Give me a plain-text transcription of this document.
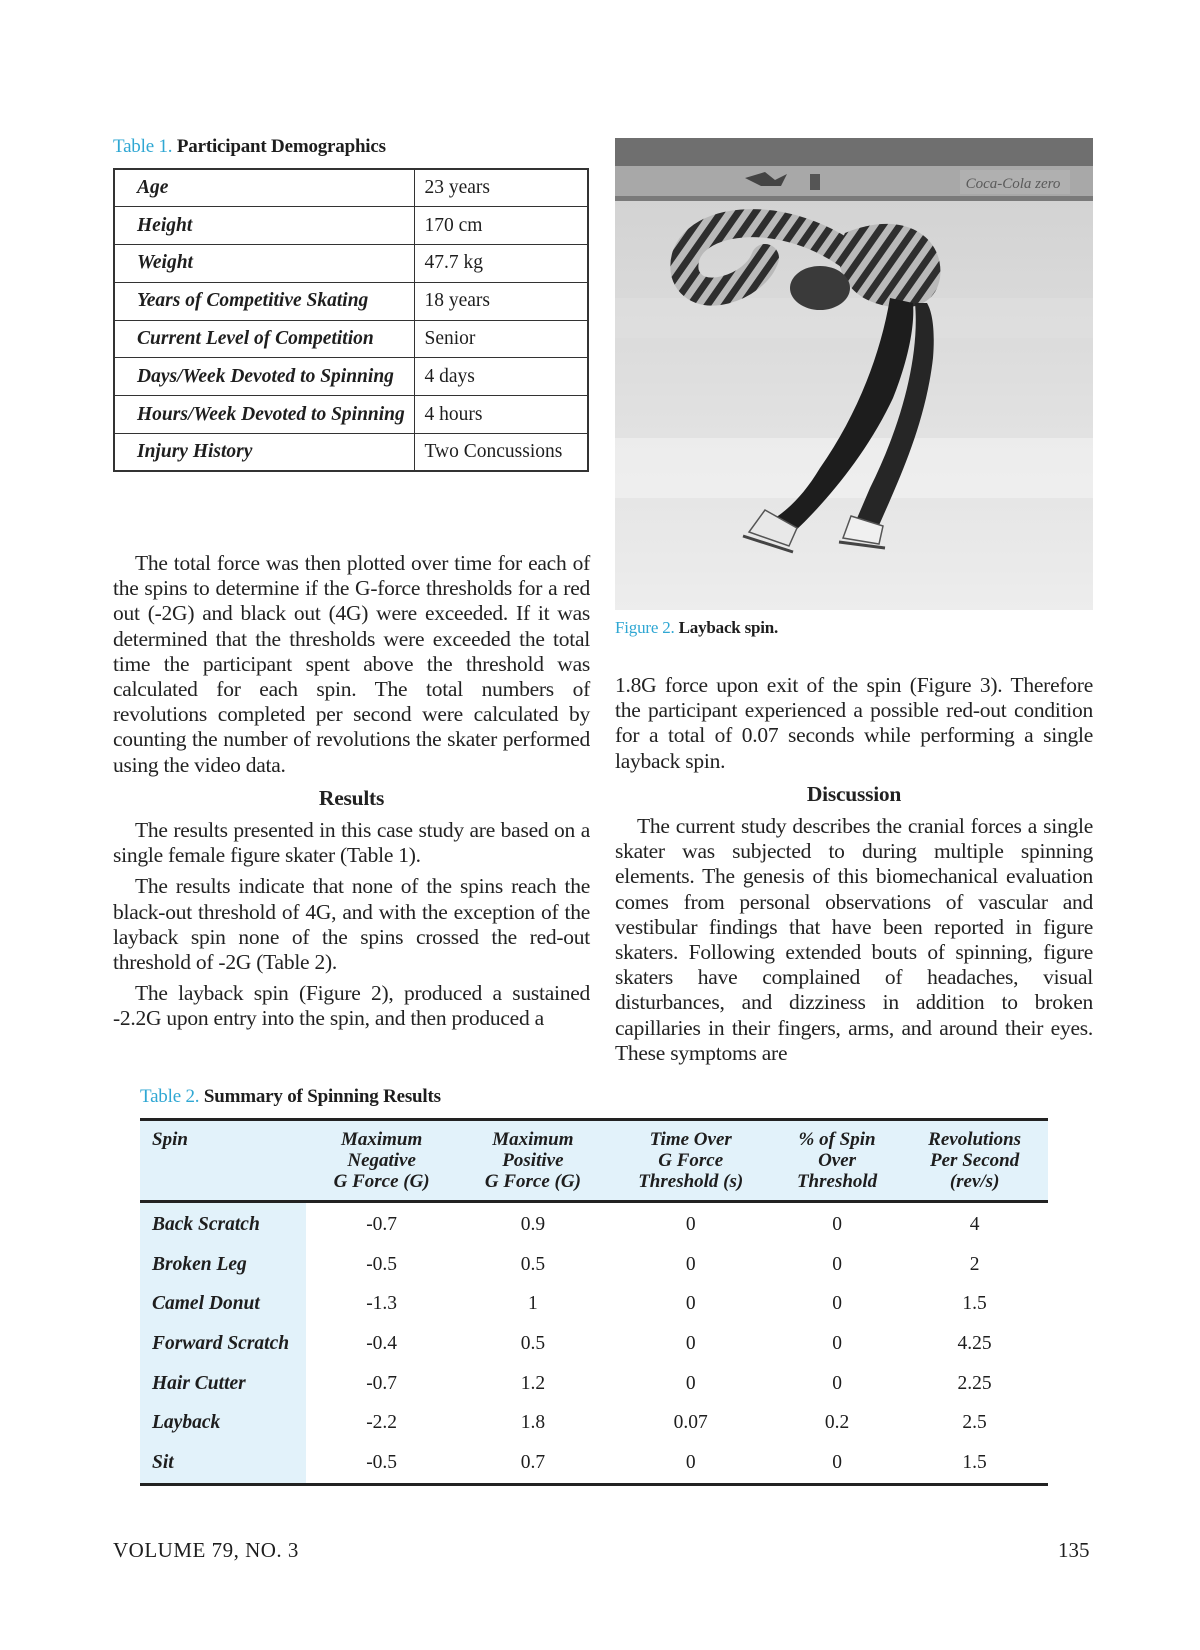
Table 1. Participant Demographics
Age	23 years
Height	170 cm
Weight	47.7 kg
Years of Competitive Skating	18 years
Current Level of Competition	Senior
Days/Week Devoted to Spinning	4 days
Hours/Week Devoted to Spinning	4 hours
Injury History	Two Concussions
Coca-Cola zero
Figure 2. Layback spin.

The total force was then plotted over time for each of the spins to determine if the G-force thresholds for a red out (-2G) and black out (4G) were exceeded. If it was determined that the thresholds were exceeded the total time the participant spent above the threshold was calculated for each spin. The total numbers of revolutions completed per second were calculated by counting the number of revolutions the skater performed using the video data.

Results

The results presented in this case study are based on a single female figure skater (Table 1).

The results indicate that none of the spins reach the black-out threshold of 4G, and with the exception of the layback spin none of the spins crossed the red-out threshold of -2G (Table 2).

The layback spin (Figure 2), produced a sustained -2.2G upon entry into the spin, and then produced a

1.8G force upon exit of the spin (Figure 3). Therefore the participant experienced a possible red-out condition for a total of 0.07 seconds while performing a single layback spin.

Discussion

The current study describes the cranial forces a single skater was subjected to during multiple spinning elements. The genesis of this biomechanical evaluation comes from personal observations of vascular and vestibular findings that have been reported in figure skaters. Following extended bouts of spinning, figure skaters have complained of headaches, visual disturbances, and dizziness in addition to broken capillaries in their fingers, arms, and around their eyes. These symptoms are

Table 2. Summary of Spinning Results
Spin	Maximum
Negative
G Force (G)	Maximum
Positive
G Force (G)	Time Over
G Force
Threshold (s)	% of Spin
Over
Threshold	Revolutions
Per Second
(rev/s)
Back Scratch	-0.7	0.9	0	0	4
Broken Leg	-0.5	0.5	0	0	2
Camel Donut	-1.3	1	0	0	1.5
Forward Scratch	-0.4	0.5	0	0	4.25
Hair Cutter	-0.7	1.2	0	0	2.25
Layback	-2.2	1.8	0.07	0.2	2.5
Sit	-0.5	0.7	0	0	1.5
VOLUME 79, NO. 3	135
